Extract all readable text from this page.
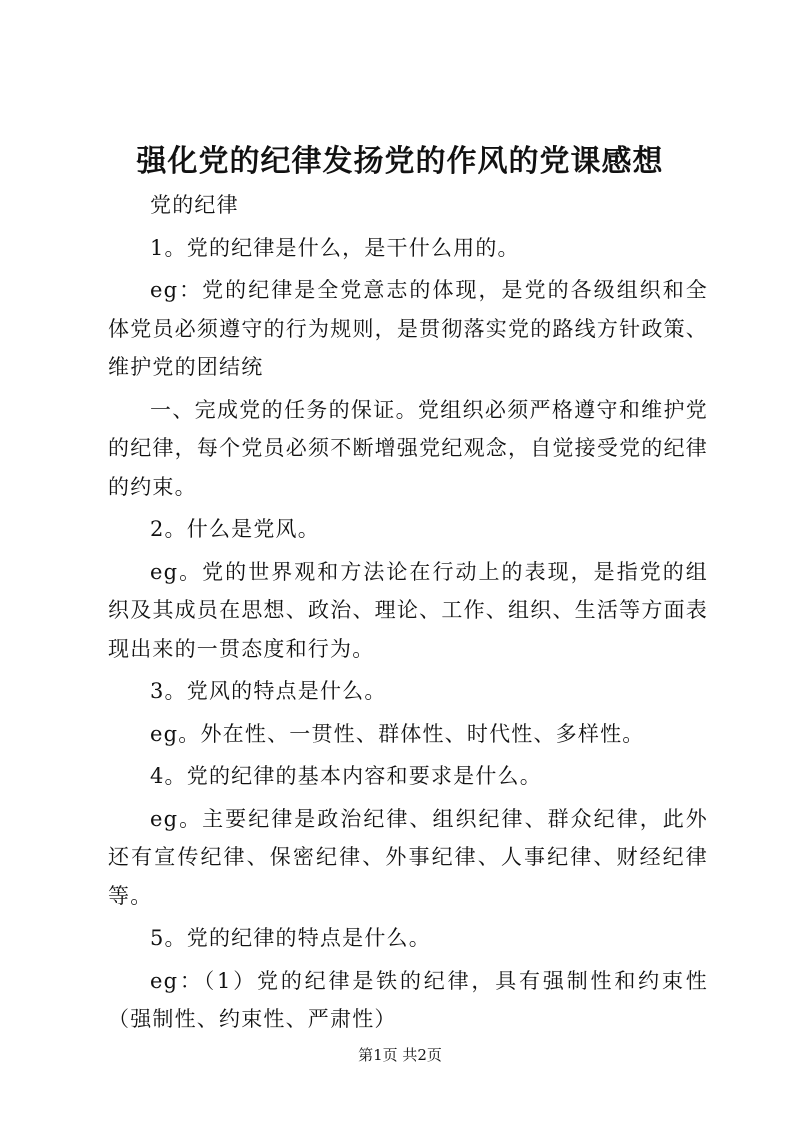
强化党的纪律发扬党的作风的党课感想

党的纪律

1。党的纪律是什么，是干什么用的。

eg：党的纪律是全党意志的体现，是党的各级组织和全体党员必须遵守的行为规则，是贯彻落实党的路线方针政策、维护党的团结统

一、完成党的任务的保证。党组织必须严格遵守和维护党的纪律，每个党员必须不断增强党纪观念，自觉接受党的纪律的约束。

2。什么是党风。

eg。党的世界观和方法论在行动上的表现，是指党的组织及其成员在思想、政治、理论、工作、组织、生活等方面表现出来的一贯态度和行为。

3。党风的特点是什么。

eg。外在性、一贯性、群体性、时代性、多样性。

4。党的纪律的基本内容和要求是什么。

eg。主要纪律是政治纪律、组织纪律、群众纪律，此外还有宣传纪律、保密纪律、外事纪律、人事纪律、财经纪律等。

5。党的纪律的特点是什么。

eg：（1）党的纪律是铁的纪律，具有强制性和约束性（强制性、约束性、严肃性）

第1页 共2页
